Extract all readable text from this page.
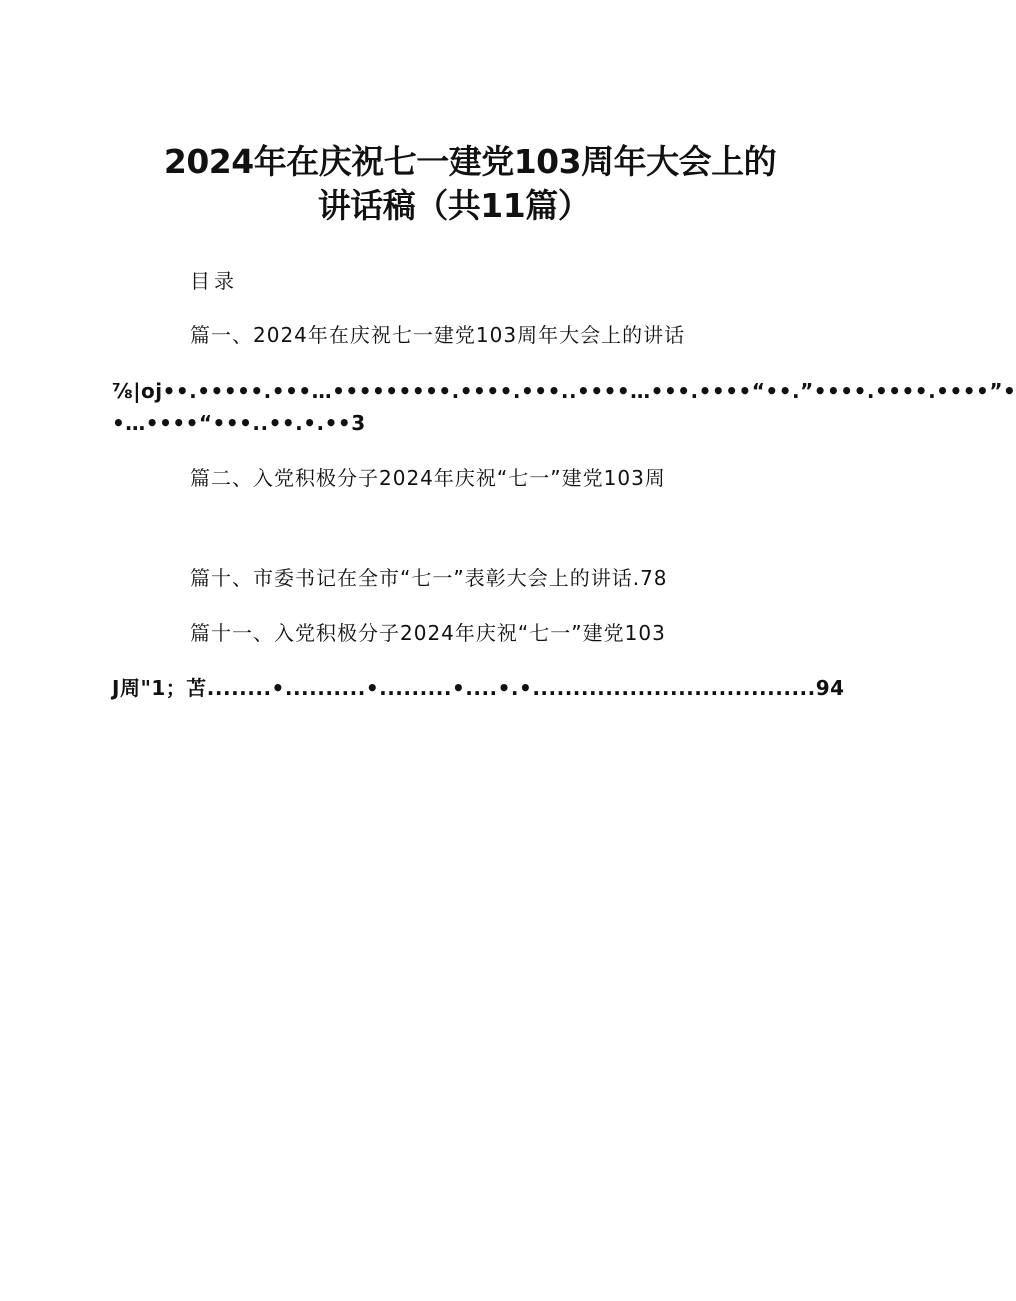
2024年在庆祝七一建党103周年大会上的
讲话稿（共11篇）
目录
篇一、2024年在庆祝七一建党103周年大会上的讲话
⅞|oj••.•••••.•••…•••••••••.••••.•••..••••…•••.••••“••.”••••.••••.••••”•
•…••••“•••..••.•.••3
篇二、入党积极分子2024年庆祝“七一”建党103周
篇十、市委书记在全市“七一”表彰大会上的讲话.78
篇十一、入党积极分子2024年庆祝“七一”建党103
J周"1；苫........•..........•.........•....•.•...................................94
